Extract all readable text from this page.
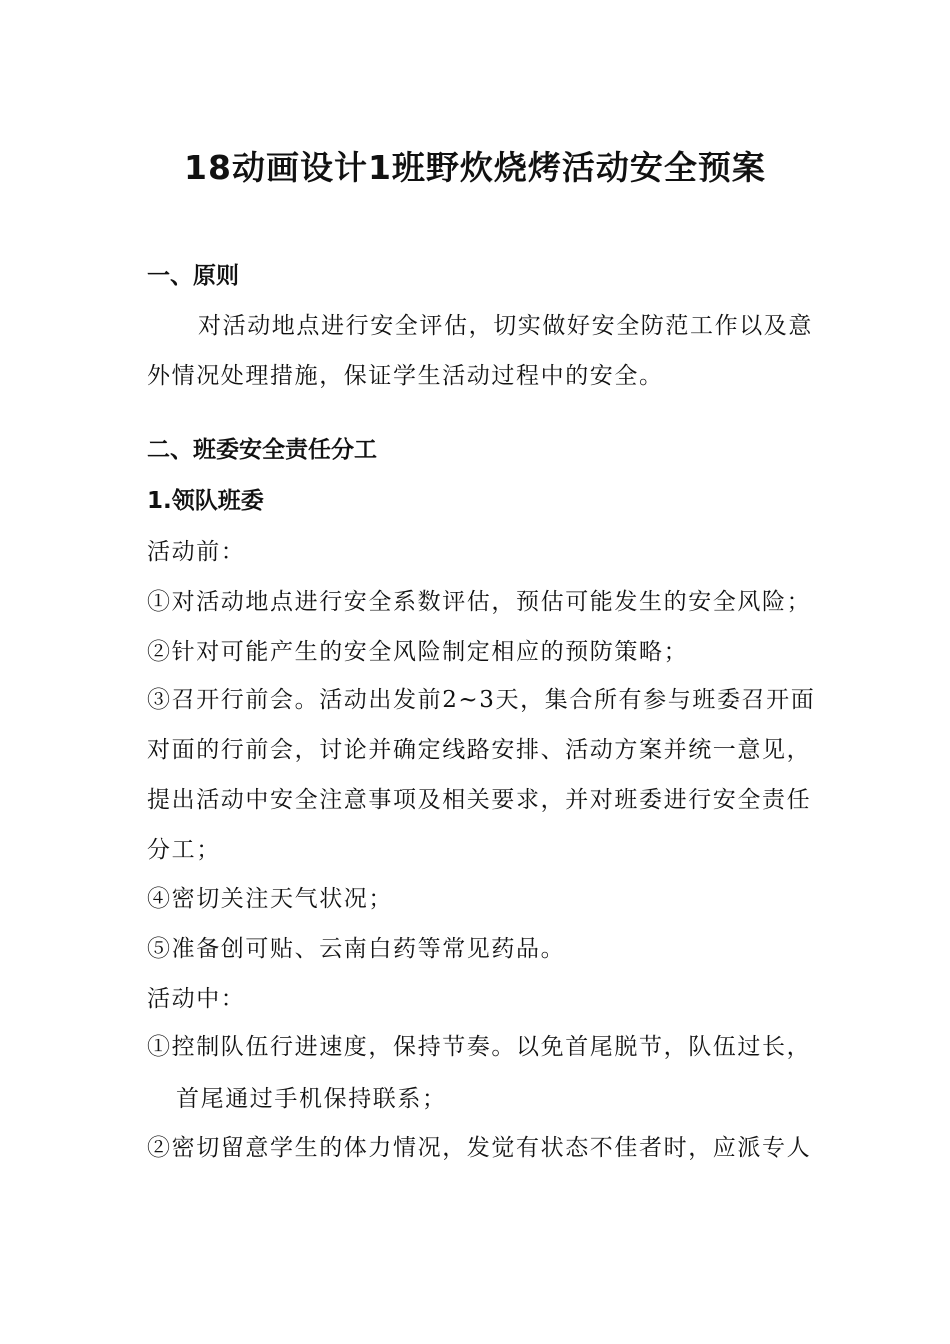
18动画设计1班野炊烧烤活动安全预案
一、原则
对活动地点进行安全评估，切实做好安全防范工作以及意
外情况处理措施，保证学生活动过程中的安全。
二、班委安全责任分工
1.领队班委
活动前：
①对活动地点进行安全系数评估，预估可能发生的安全风险；
②针对可能产生的安全风险制定相应的预防策略；
③召开行前会。活动出发前2~3天，集合所有参与班委召开面
对面的行前会，讨论并确定线路安排、活动方案并统一意见，
提出活动中安全注意事项及相关要求，并对班委进行安全责任
分工；
④密切关注天气状况；
⑤准备创可贴、云南白药等常见药品。
活动中：
①控制队伍行进速度，保持节奏。以免首尾脱节，队伍过长，
首尾通过手机保持联系；
②密切留意学生的体力情况，发觉有状态不佳者时，应派专人
